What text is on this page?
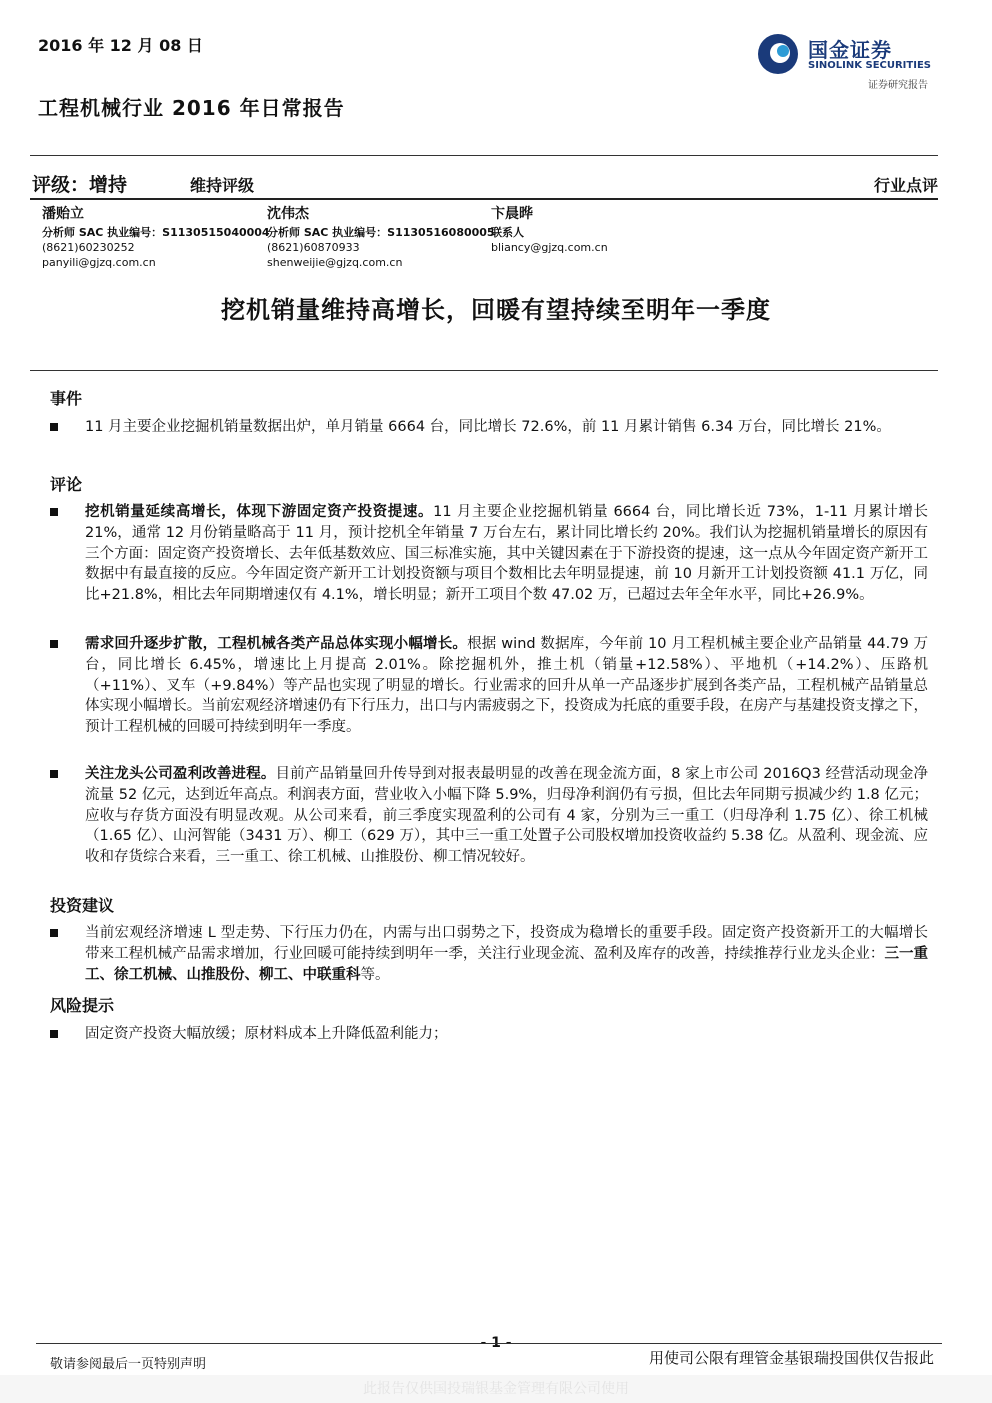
2016 年 12 月 08 日
工程机械行业 2016 年日常报告
国金证券
SINOLINK SECURITIES
证券研究报告
评级：增持	维持评级	行业点评
潘贻立
分析师 SAC 执业编号：S1130515040004
(8621)60230252
panyili@gjzq.com.cn
沈伟杰
分析师 SAC 执业编号：S1130516080005
(8621)60870933
shenweijie@gjzq.com.cn
卞晨晔
联系人
bliancy@gjzq.com.cn
挖机销量维持高增长，回暖有望持续至明年一季度
事件
11 月主要企业挖掘机销量数据出炉，单月销量 6664 台，同比增长 72.6%，前 11 月累计销售 6.34 万台，同比增长 21%。
评论
挖机销量延续高增长，体现下游固定资产投资提速。11 月主要企业挖掘机销量 6664 台，同比增长近 73%，1-11 月累计增长 21%，通常 12 月份销量略高于 11 月，预计挖机全年销量 7 万台左右，累计同比增长约 20%。我们认为挖掘机销量增长的原因有三个方面：固定资产投资增长、去年低基数效应、国三标准实施，其中关键因素在于下游投资的提速，这一点从今年固定资产新开工数据中有最直接的反应。今年固定资产新开工计划投资额与项目个数相比去年明显提速，前 10 月新开工计划投资额 41.1 万亿，同比+21.8%，相比去年同期增速仅有 4.1%，增长明显；新开工项目个数 47.02 万，已超过去年全年水平，同比+26.9%。
需求回升逐步扩散，工程机械各类产品总体实现小幅增长。根据 wind 数据库，今年前 10 月工程机械主要企业产品销量 44.79 万台，同比增长 6.45%，增速比上月提高 2.01%。除挖掘机外，推土机（销量+12.58%）、平地机（+14.2%）、压路机（+11%）、叉车（+9.84%）等产品也实现了明显的增长。行业需求的回升从单一产品逐步扩展到各类产品，工程机械产品销量总体实现小幅增长。当前宏观经济增速仍有下行压力，出口与内需疲弱之下，投资成为托底的重要手段，在房产与基建投资支撑之下，预计工程机械的回暖可持续到明年一季度。
关注龙头公司盈利改善进程。目前产品销量回升传导到对报表最明显的改善在现金流方面，8 家上市公司 2016Q3 经营活动现金净流量 52 亿元，达到近年高点。利润表方面，营业收入小幅下降 5.9%，归母净利润仍有亏损，但比去年同期亏损减少约 1.8 亿元；应收与存货方面没有明显改观。从公司来看，前三季度实现盈利的公司有 4 家，分别为三一重工（归母净利 1.75 亿）、徐工机械（1.65 亿）、山河智能（3431 万）、柳工（629 万），其中三一重工处置子公司股权增加投资收益约 5.38 亿。从盈利、现金流、应收和存货综合来看，三一重工、徐工机械、山推股份、柳工情况较好。
投资建议
当前宏观经济增速 L 型走势、下行压力仍在，内需与出口弱势之下，投资成为稳增长的重要手段。固定资产投资新开工的大幅增长带来工程机械产品需求增加，行业回暖可能持续到明年一季，关注行业现金流、盈利及库存的改善，持续推荐行业龙头企业：三一重工、徐工机械、山推股份、柳工、中联重科等。
风险提示
固定资产投资大幅放缓；原材料成本上升降低盈利能力；
- 1 -
敬请参阅最后一页特别声明	用使司公限有理管金基银瑞投国供仅告报此
此报告仅供国投瑞银基金管理有限公司使用
